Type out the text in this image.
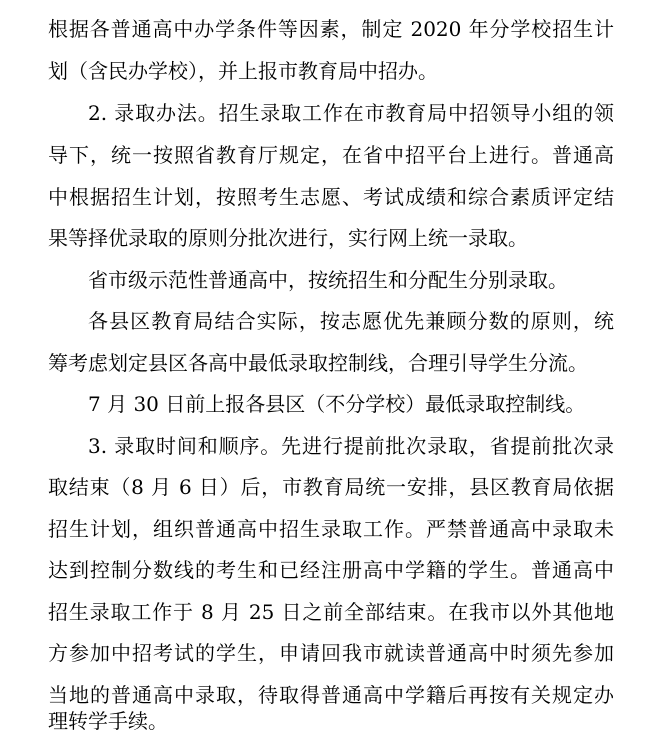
根据各普通高中办学条件等因素，制定 2020 年分学校招生计
划（含民办学校），并上报市教育局中招办。
2. 录取办法。招生录取工作在市教育局中招领导小组的领
导下，统一按照省教育厅规定，在省中招平台上进行。普通高
中根据招生计划，按照考生志愿、考试成绩和综合素质评定结
果等择优录取的原则分批次进行，实行网上统一录取。
省市级示范性普通高中，按统招生和分配生分别录取。
各县区教育局结合实际，按志愿优先兼顾分数的原则，统
筹考虑划定县区各高中最低录取控制线，合理引导学生分流。
7 月 30 日前上报各县区（不分学校）最低录取控制线。
3. 录取时间和顺序。先进行提前批次录取，省提前批次录
取结束（8 月 6 日）后，市教育局统一安排，县区教育局依据
招生计划，组织普通高中招生录取工作。严禁普通高中录取未
达到控制分数线的考生和已经注册高中学籍的学生。普通高中
招生录取工作于 8 月 25 日之前全部结束。在我市以外其他地
方参加中招考试的学生，申请回我市就读普通高中时须先参加
当地的普通高中录取，待取得普通高中学籍后再按有关规定办
理转学手续。
